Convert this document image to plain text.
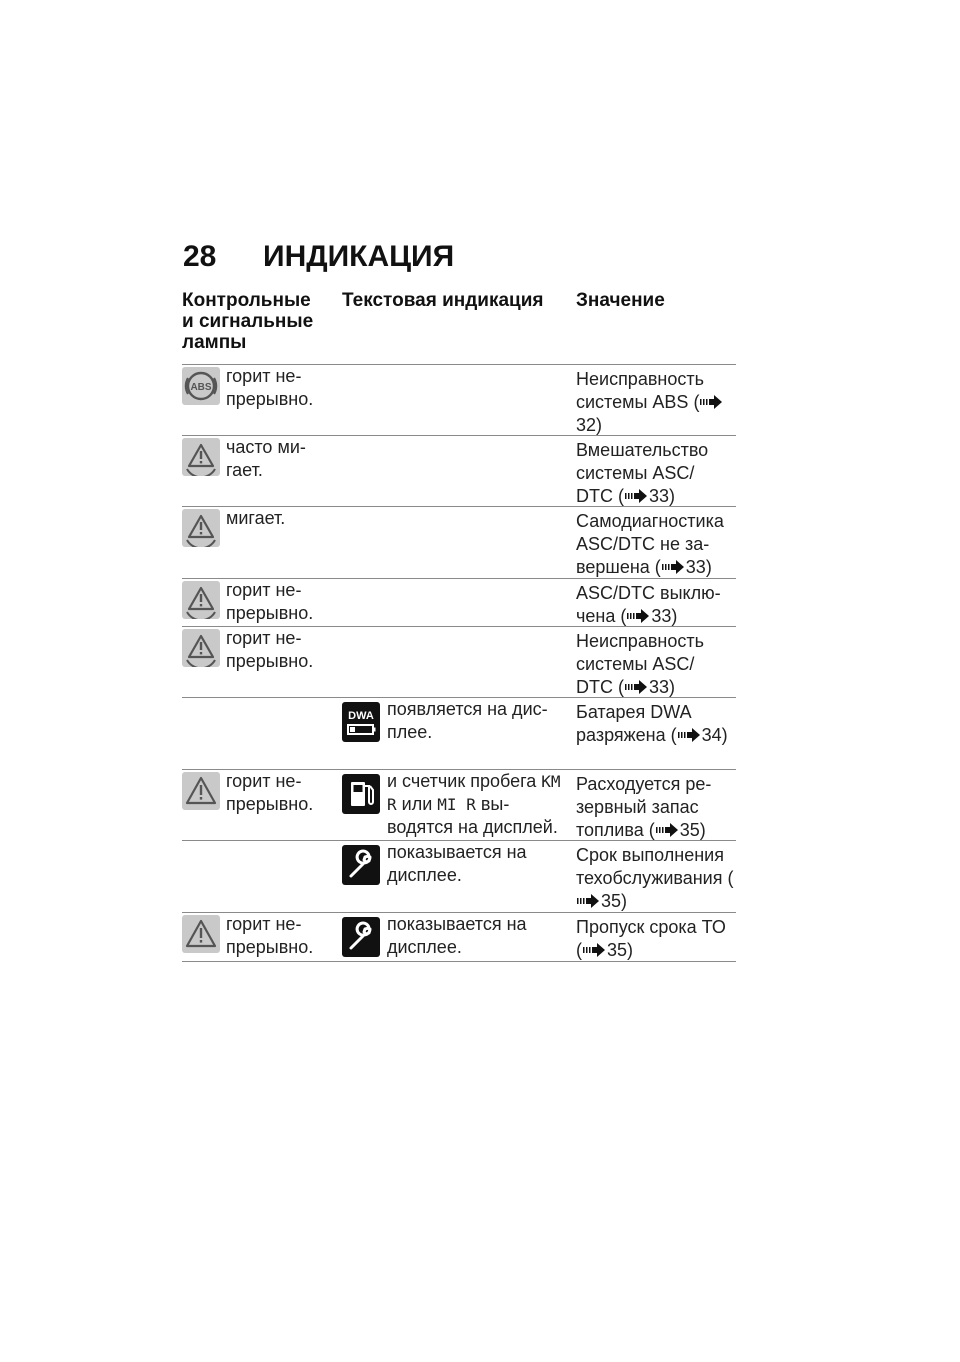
28 ИНДИКАЦИЯ
Контрольные и сигнальные лампы
Текстовая индикация	Значение
ABS
горит не-прерывно.
Неисправность системы ABS (32)
часто ми-гает.
Вмешательство системы ASC/ DTC ( 33)
мигает.	Самодиагностика ASC/DTC не за-вершена ( 33)
горит не-прерывно.
ASC/DTC выклю-чена ( 33)
горит не-прерывно.
Неисправность системы ASC/ DTC ( 33)
DWA появляется на дис-плее.
Батарея DWA разряжена ( 34)
горит не-прерывно.
и счетчик пробега KM R или MI R вы-водятся на дисплей.
Расходуется ре-зервный запас топлива ( 35)
показывается на дисплее.
Срок выполнения техобслуживания (35)
горит не-прерывно.
показывается на дисплее.
Пропуск срока ТО ( 35)
